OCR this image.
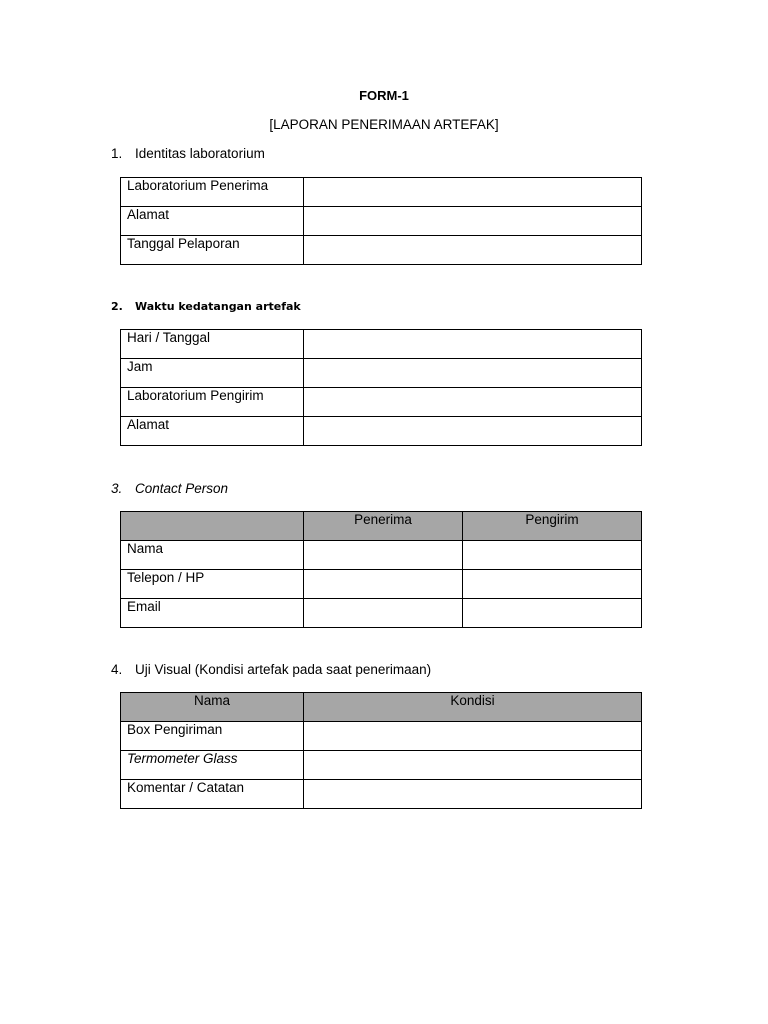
FORM-1
[LAPORAN PENERIMAAN ARTEFAK]
1. Identitas laboratorium
Laboratorium Penerima	
Alamat	
Tanggal Pelaporan	
2. Waktu kedatangan artefak
Hari / Tanggal	
Jam	
Laboratorium Pengirim	
Alamat	
3. Contact Person
	Penerima	Pengirim
Nama		
Telepon / HP		
Email		
4. Uji Visual (Kondisi artefak pada saat penerimaan)
Nama	Kondisi
Box Pengiriman	
Termometer Glass	
Komentar / Catatan	
